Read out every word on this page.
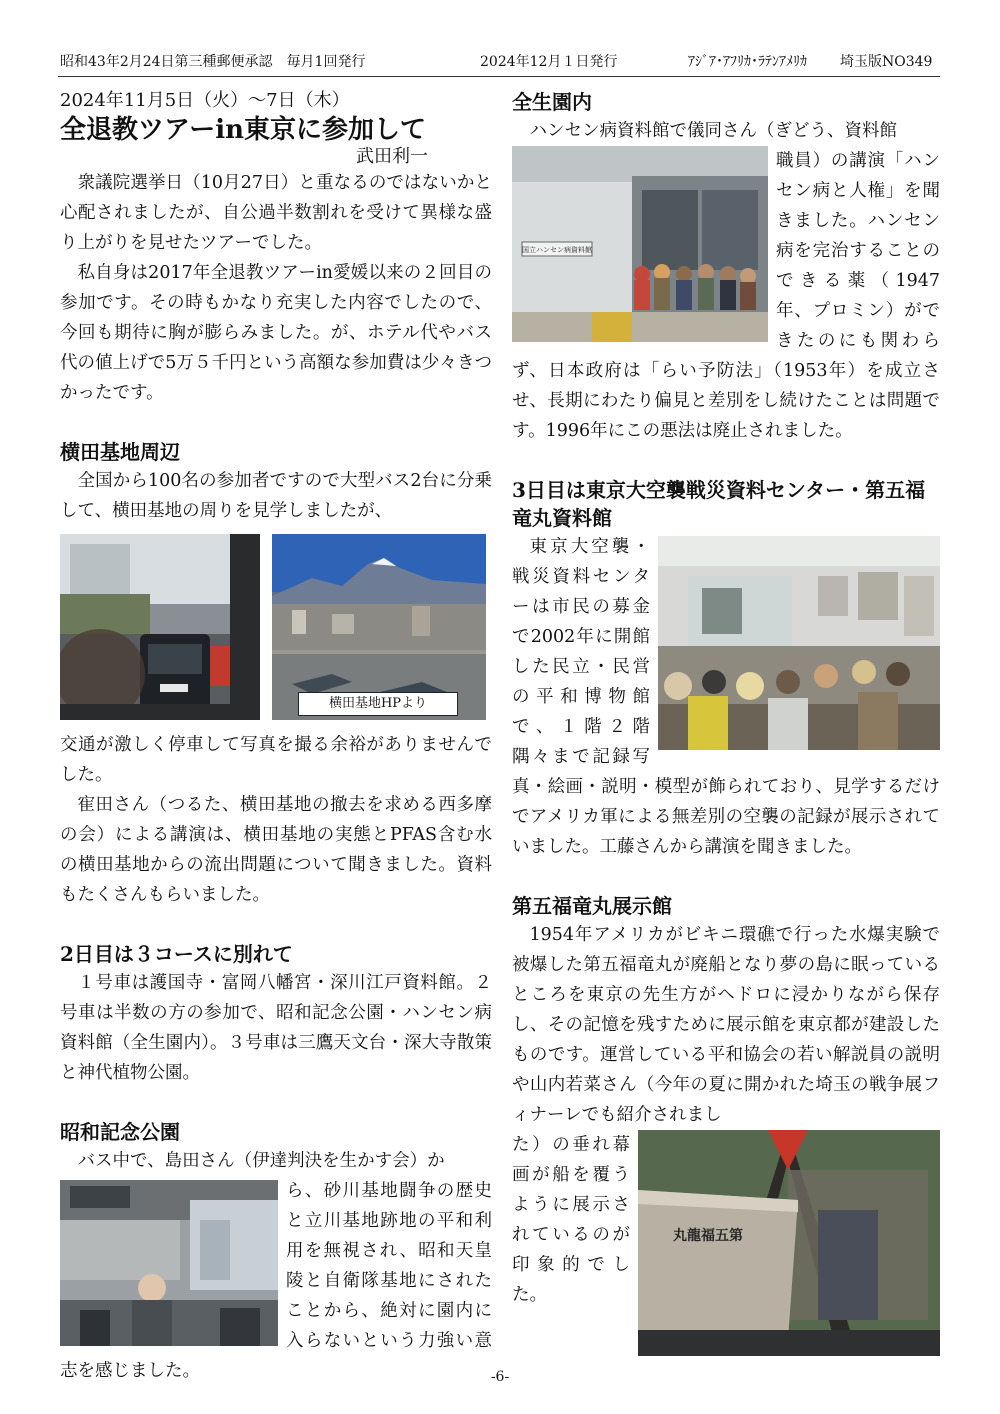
昭和43年2月24日第三種郵便承認　毎月1回発行	2024年12月１日発行	ｱｼﾞｱ･ｱﾌﾘｶ･ﾗﾃﾝｱﾒﾘｶ 埼玉版NO349
2024年11月5日（火）～7日（木）
全退教ツアーin東京に参加して
武田利一

衆議院選挙日（10月27日）と重なるのではないかと心配されましたが、自公過半数割れを受けて異様な盛り上がりを見せたツアーでした。

私自身は2017年全退教ツアーin愛媛以来の２回目の参加です。その時もかなり充実した内容でしたので、今回も期待に胸が膨らみました。が、ホテル代やバス代の値上げで5万５千円という高額な参加費は少々きつかったです。

横田基地周辺

全国から100名の参加者ですので大型バス2台に分乗して、横田基地の周りを見学しましたが、

横田基地HPより

交通が激しく停車して写真を撮る余裕がありませんでした。

寉田さん（つるた、横田基地の撤去を求める西多摩の会）による講演は、横田基地の実態とPFAS含む水の横田基地からの流出問題について聞きました。資料もたくさんもらいました。

2日目は３コースに別れて

１号車は護国寺・富岡八幡宮・深川江戸資料館。２号車は半数の方の参加で、昭和記念公園・ハンセン病資料館（全生園内）。３号車は三鷹天文台・深大寺散策と神代植物公園。

昭和記念公園

バス中で、島田さん（伊達判決を生かす会）か

ら、砂川基地闘争の歴史と立川基地跡地の平和利用を無視され、昭和天皇陵と自衛隊基地にされたことから、絶対に園内に入らないという力強い意志を感じました。

全生園内

ハンセン病資料館で儀同さん（ぎどう、資料館

国立ハンセン病資料館

職員）の講演「ハンセン病と人権」を聞きました。ハンセン病を完治することのできる薬（1947年、プロミン）ができたのにも関わらず、日本政府は「らい予防法」（1953年）を成立させ、長期にわたり偏見と差別をし続けたことは問題です。1996年にこの悪法は廃止されました。

3日目は東京大空襲戦災資料センター・第五福竜丸資料館

東京大空襲・戦災資料センターは市民の募金で2002年に開館した民立・民営の平和博物館で、１階２階隅々まで記録写真・絵画・説明・模型が飾られており、見学するだけでアメリカ軍による無差別の空襲の記録が展示されていました。工藤さんから講演を聞きました。

第五福竜丸展示館

1954年アメリカがビキニ環礁で行った水爆実験で被爆した第五福竜丸が廃船となり夢の島に眠っているところを東京の先生方がヘドロに浸かりながら保存し、その記憶を残すために展示館を東京都が建設したものです。運営している平和協会の若い解説員の説明や山内若菜さん（今年の夏に開かれた埼玉の戦争展フィナーレでも紹介されまし

丸龍福五第

た）の垂れ幕画が船を覆うように展示されているのが印象的でした。

-6-
